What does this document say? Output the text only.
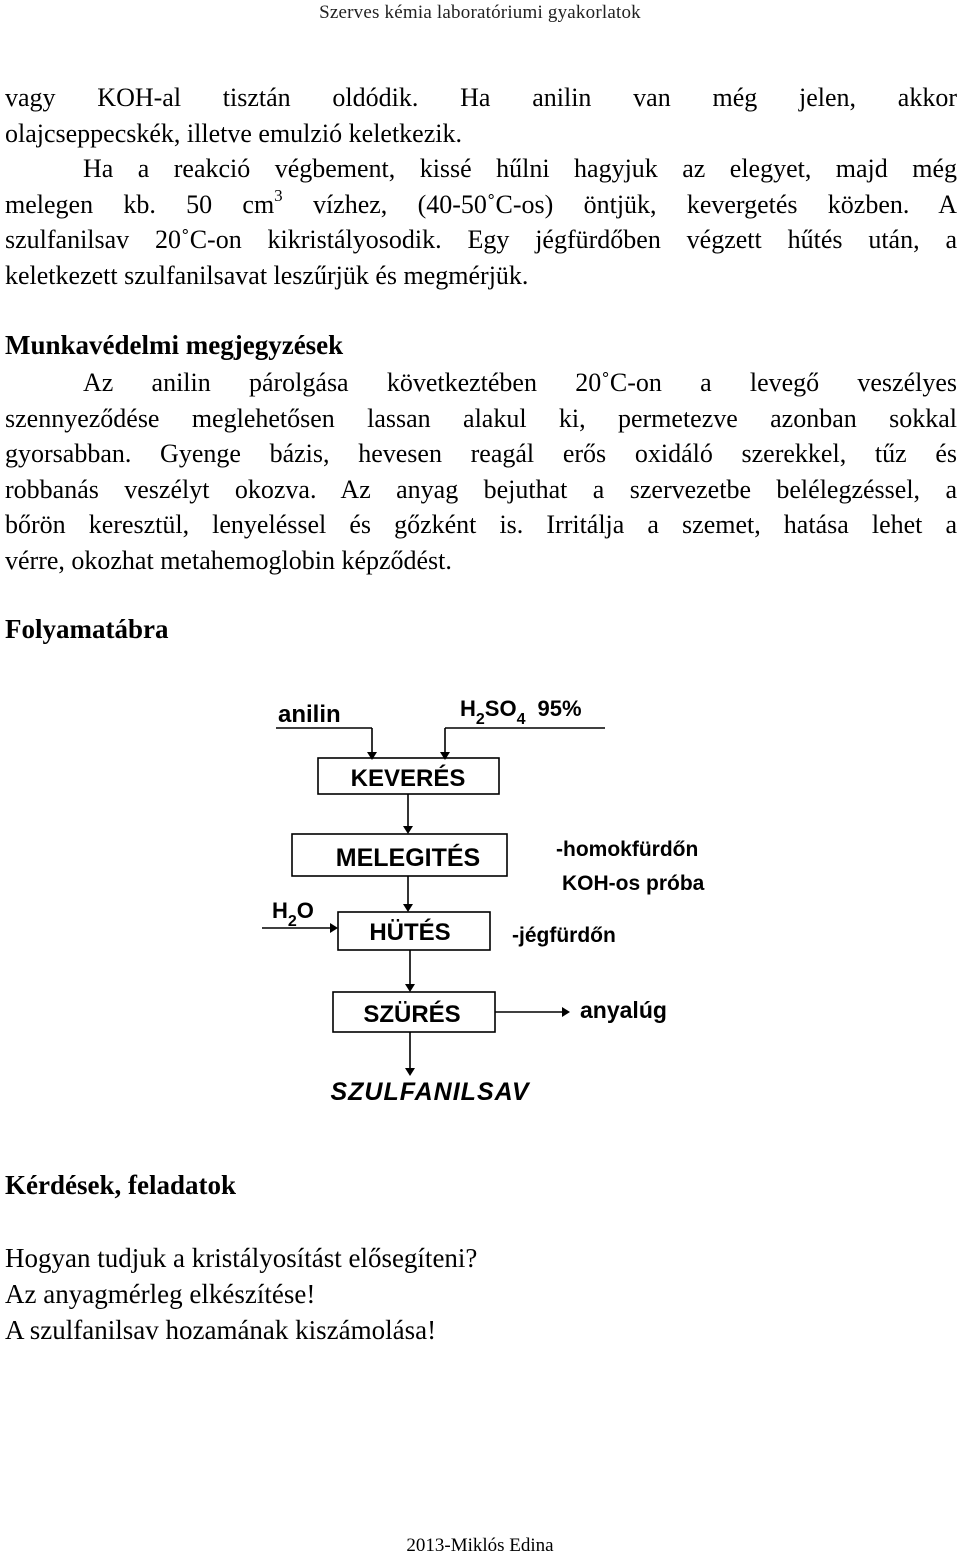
Szerves kémia laboratóriumi gyakorlatok
vagy KOH-al tisztán oldódik. Ha anilin van még jelen, akkor
olajcseppecskék, illetve emulzió keletkezik.
Ha a reakció végbement, kissé hűlni hagyjuk az elegyet, majd még
melegen kb. 50 $cm^3$ vízhez, (40-50˚C-os) öntjük, kevergetés közben. A
szulfanilsav 20˚C-on kikristályosodik. Egy jégfürdőben végzett hűtés után, a
keletkezett szulfanilsavat leszűrjük és megmérjük.
Munkavédelmi megjegyzések
Az anilin párolgása következtében 20˚C-on a levegő veszélyes
szennyeződése meglehetősen lassan alakul ki, permetezve azonban sokkal
gyorsabban. Gyenge bázis, hevesen reagál erős oxidáló szerekkel, tűz és
robbanás veszélyt okozva. Az anyag bejuthat a szervezetbe belélegzéssel, a
bőrön keresztül, lenyeléssel és gőzként is. Irritálja a szemet, hatása lehet a
vérre, okozhat metahemoglobin képződést.
Folyamatábra
anilin	$H_2SO_4$ 95%
KEVERÉS
MELEGITÉS	-homokfürdőn
KOH-os próba
$H_2O$
HÜTÉS	-jégfürdőn
SZÜRÉS	anyalúg
SZULFANILSAV
Kérdések, feladatok
Hogyan tudjuk a kristályosítást elősegíteni?
Az anyagmérleg elkészítése!
A szulfanilsav hozamának kiszámolása!
2013-Miklós Edina
